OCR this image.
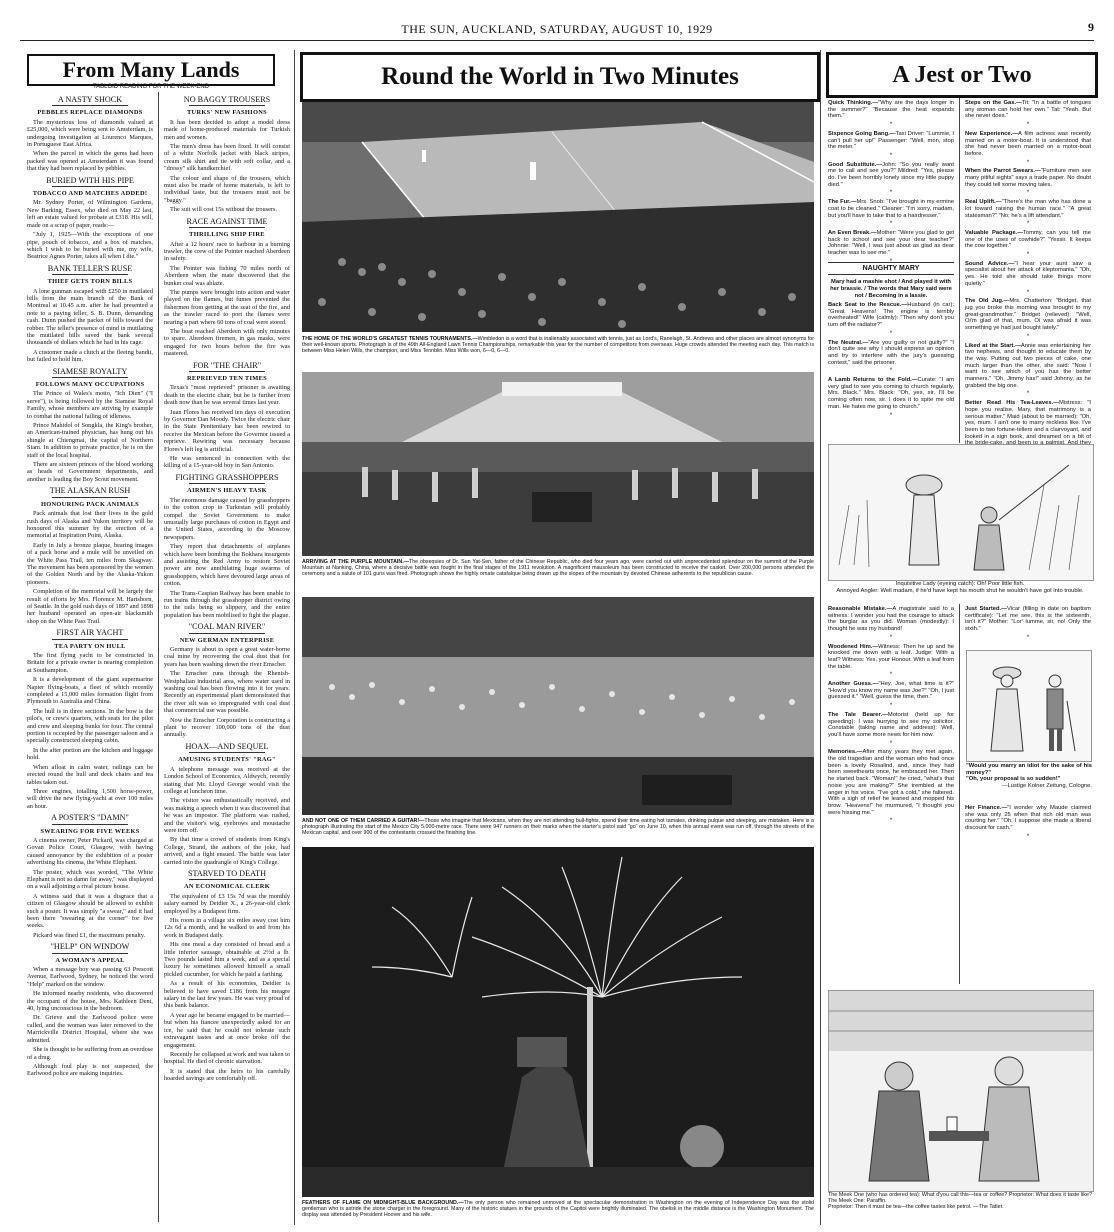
THE SUN, AUCKLAND, SATURDAY, AUGUST 10, 1929	9
From Many Lands
TABLOID READING FOR THE WEEK-END
A NASTY SHOCK
PEBBLES REPLACE DIAMONDS

The mysterious loss of diamonds valued at £25,000, which were being sent to Amsterdam, is undergoing investigation at Lourenco Marques, in Portuguese East Africa.

When the parcel in which the gems had been packed was opened at Amsterdam it was found that they had been replaced by pebbles.

BURIED WITH HIS PIPE
TOBACCO AND MATCHES ADDED!

Mr. Sydney Porter, of Wilmington Gardens, New Barking, Essex, who died on May 22 last, left an estate valued for probate at £318. His will, made on a scrap of paper, reads:—

"July 1, 1925—With the exceptions of one pipe, pouch of tobacco, and a box of matches, which I wish to be buried with me, my wife, Beatrice Agnes Porter, takes all when I die."

BANK TELLER'S RUSE
THIEF GETS TORN BILLS

A lone gunman escaped with £250 in mutilated bills from the main branch of the Bank of Montreal at 10.45 a.m. after he had presented a note to a paying teller, S. B. Dunn, demanding cash. Dunn pushed the packet of bills toward the robber. The teller's presence of mind in mutilating the mutilated bills saved the bank several thousands of dollars which he had in his cage.

A customer made a clutch at the fleeing bandit, but failed to hold him.

SIAMESE ROYALTY
FOLLOWS MANY OCCUPATIONS

The Prince of Wales's motto, "Ich Dien" ("I serve"), is being followed by the Siamese Royal Family, whose members are striving by example to combat the national failing of idleness.

Prince Mahidol of Songkla, the King's brother, an American-trained physician, has hung out his shingle at Chiengmai, the capital of Northern Siam. In addition to private practice, he is on the staff of the local hospital.

There are sixteen princes of the blood working as heads of Government departments, and another is leading the Boy Scout movement.

THE ALASKAN RUSH
HONOURING PACK ANIMALS

Pack animals that lost their lives in the gold rush days of Alaska and Yukon territory will be honoured this summer by the erection of a memorial at Inspiration Point, Alaska.

Early in July a bronze plaque, bearing images of a pack horse and a mule will be unveiled on the White Pass Trail, ten miles from Skagway. The movement has been sponsored by the women of the Golden North and by the Alaska-Yukon pioneers.

Completion of the memorial will be largely the result of efforts by Mrs. Florence M. Hartshorn, of Seattle. In the gold rush days of 1897 and 1898 her husband operated an open-air blacksmith shop on the White Pass Trail.

FIRST AIR YACHT
TEA PARTY ON HULL

The first flying yacht to be constructed in Britain for a private owner is nearing completion at Southampton.

It is a development of the giant supermarine Napier flying-boats, a fleet of which recently completed a 15,000 miles formation flight from Plymouth to Australia and China.

The hull is in three sections. In the bow is the pilot's, or crew's quarters, with seats for the pilot and crew and sleeping bunks for four. The central portion is occupied by the passenger saloon and a specially constructed sleeping cabin.

In the after portion are the kitchen and luggage hold.

When afloat in calm water, railings can be erected round the hull and deck chairs and tea tables taken out.

Three engines, totalling 1,500 horse-power, will drive the new flying-yacht at over 100 miles an hour.

A POSTER'S "DAMN"
SWEARING FOR FIVE WEEKS

A cinema owner, Peter Pickard, was charged at Govan Police Court, Glasgow, with having caused annoyance by the exhibition of a poster advertising his cinema, the White Elephant.

The poster, which was worded, "The White Elephant is not so damn far away," was displayed on a wall adjoining a rival picture house.

A witness said that it was a disgrace that a citizen of Glasgow should be allowed to exhibit such a poster. It was simply "a swear," and it had been there "swearing at the corner" for five weeks.

Pickard was fined £1, the maximum penalty.

"HELP" ON WINDOW
A WOMAN'S APPEAL

When a message boy was passing 63 Prescott Avenue, Earlwood, Sydney, he noticed the word "Help" marked on the window.

He informed nearby residents, who discovered the occupant of the house, Mrs. Kathleen Dent, 40, lying unconscious in the bedroom.

Dr. Grieve and the Earlwood police were called, and the woman was later removed to the Marrickville District Hospital, where she was admitted.

She is thought to be suffering from an overdose of a drug.

Although foul play is not suspected, the Earlwood police are making inquiries.

NO BAGGY TROUSERS
TURKS' NEW FASHIONS

It has been decided to adopt a model dress made of home-produced materials for Turkish men and women.

The men's dress has been fixed. It will consist of a white Norfolk jacket with black stripes, cream silk shirt and tie with soft collar, and a "dressy" silk handkerchief.

The colour and shape of the trousers, which must also be made of home materials, is left to individual taste, but the trousers must not be "baggy."

The suit will cost 15s without the trousers.

RACE AGAINST TIME
THRILLING SHIP FIRE

After a 12 hours' race to harbour in a burning trawler, the crew of the Pointer reached Aberdeen in safety.

The Pointer was fishing 70 miles north of Aberdeen when the mate discovered that the bunker coal was ablaze.

The pumps were brought into action and water played on the flames, but fumes prevented the fishermen from getting at the seat of the fire, and as the trawler raced to port the flames were nearing a part where 60 tons of coal were stored.

The boat reached Aberdeen with only minutes to spare. Aberdeen firemen, in gas masks, were engaged for two hours before the fire was mastered.

FOR "THE CHAIR"
REPRIEVED TEN TIMES

Texas's "most reprieved" prisoner is awaiting death in the electric chair, but he is further from death now than he was several times last year.

Juan Flores has received ten days of execution by Governor Dan Moody. Twice the electric chair in the State Penitentiary has been rewired to receive the Mexican before the Governor issued a reprieve. Rewiring was necessary because Flores's left leg is artificial.

He was sentenced in connection with the killing of a 15-year-old boy in San Antonio.

FIGHTING GRASSHOPPERS
AIRMEN'S HEAVY TASK

The enormous damage caused by grasshoppers to the cotton crop in Turkestan will probably compel the Soviet Government to make unusually large purchases of cotton in Egypt and the United States, according to the Moscow newspapers.

They report that detachments of airplanes which have been bombing the Bokhara insurgents and assisting the Red Army to restore Soviet power are now annihilating huge swarms of grasshoppers, which have devoured large areas of cotton.

The Trans-Caspian Railway has been unable to run trains through the grasshopper district owing to the rails being so slippery, and the entire population has been mobilised to fight the plague.

"COAL MAN RIVER"
NEW GERMAN ENTERPRISE

Germany is about to open a great water-borne coal mine by recovering the coal dust that for years has been washing down the river Emscher.

The Emscher runs through the Rhenish-Westphalian industrial area, where water used in washing coal has been flowing into it for years. Recently an experimental plant demonstrated that the river silt was so impregnated with coal dust that commercial use was possible.

Now the Emscher Corporation is constructing a plant to recover 100,000 tons of the dust annually.

HOAX—AND SEQUEL
AMUSING STUDENTS' "RAG"

A telephone message was received at the London School of Economics, Aldwych, recently stating that Mr. Lloyd George would visit the college at luncheon time.

The visitor was enthusiastically received, and was making a speech when it was discovered that he was an impostor. The platform was rushed, and the visitor's wig, eyebrows and moustache were torn off.

By that time a crowd of students from King's College, Strand, the authors of the joke, had arrived, and a fight ensued. The battle was later carried into the quadrangle of King's College.

STARVED TO DEATH
AN ECONOMICAL CLERK

The equivalent of £3 15s 7d was the monthly salary earned by Deidier X., a 26-year-old clerk employed by a Budapest firm.

His room in a village six miles away cost him 12s 6d a month, and he walked to and from his work in Budapest daily.

His one meal a day consisted of bread and a little inferior sausage, obtainable at 2½d a lb. Two pounds lasted him a week, and as a special luxury he sometimes allowed himself a small pickled cucumber, for which he paid a farthing.

As a result of his economies, Deidier is believed to have saved £186 from his meagre salary in the last few years. He was very proud of this bank balance.

A year ago he became engaged to be married—but when his fiancee unexpectedly asked for an ice, he said that he could not tolerate such extravagant tastes and at once broke off the engagement.

Recently he collapsed at work and was taken to hospital. He died of chronic starvation.

It is stated that the heirs to his carefully hoarded savings are comfortably off.

Round the World in Two Minutes
THE HOME OF THE WORLD'S GREATEST TENNIS TOURNAMENTS.—Wimbledon is a word that is inalienably associated with tennis, just as Lord's, Ranelagh, St. Andrews and other places are almost synonyms for their well-known sports. Photograph is of the 49th All-England Lawn Tennis Championships, remarkable this year for the number of competitors from overseas. Huge crowds attended the meeting each day. This match is between Miss Helen Wills, the champion, and Miss Tennblin. Miss Wills won, 6—0, 6—0.
ARRIVING AT THE PURPLE MOUNTAIN.—The obsequies of Dr. Sun Yat-Sen, father of the Chinese Republic, who died four years ago, were carried out with unprecedented splendour on the summit of the Purple Mountain at Nanking, China, where a decisive battle was fought in the final stages of the 1911 revolution. A magnificent mausoleum has been constructed to receive the casket. Over 200,000 persons attended the ceremony and a salute of 101 guns was fired. Photograph shows the highly ornate catafalque being drawn up the slopes of the mountain by devoted Chinese adherents to the republican cause.
AND NOT ONE OF THEM CARRIED A GUITAR!—Those who imagine that Mexicans, when they are not attending bull-fights, spend their time eating hot tamales, drinking pulque and sleeping, are mistaken. Here is a photograph illustrating the start of the Mexico City 5,000-metre race. There were 947 runners on their marks when the starter's pistol said "go" on June 10, when this annual event was run off, through the streets of the Mexican capital, and over 900 of the contestants crossed the finishing line.
FEATHERS OF FLAME ON MIDNIGHT-BLUE BACKGROUND.—The only person who remained unmoved at the spectacular demonstration in Washington on the evening of Independence Day was the stolid gentleman who is astride the stone charger in the foreground. Many of the historic statues in the grounds of the Capitol were brightly illuminated. The obelisk in the middle distance is the Washington Monument. The display was attended by President Hoover and his wife.
A Jest or Two

Quick Thinking.—"Why are the days longer in the summer?" "Because the heat expands them."

*

Sixpence Going Bang.—Taxi Driver: "Lummie, I can't pull her up!" Passenger: "Well, mon, stop the meter."

*

Good Substitute.—John: "So you really want me to call and see you?" Mildred: "Yes, please do. I've been horribly lonely since my little puppy died."

*

The Fur.—Mrs. Snob: "I've brought in my ermine coat to be cleaned." Cleaner: "I'm sorry, madam, but you'll have to take that to a hairdresser."

*

An Even Break.—Mother: "Were you glad to get back to school and see your dear teacher?" Johnnie: "Well, I was just about as glad as dear teacher was to see me."

*
NAUGHTY MARY
Mary had a mashie shot / And played it with her brassie. / The words that Mary said were not / Becoming in a lassie.

Back Seat to the Rescue.—Husband (in car): "Great Heavens! The engine is terribly overheated!" Wife (calmly): "Then why don't you turn off the radiator?"

*

The Neutral.—"Are you guilty or not guilty?" "I don't quite see why I should express an opinion and try to interfere with the jury's guessing contest," said the prisoner.

*

A Lamb Returns to the Fold.—Curate: "I am very glad to see you coming to church regularly, Mrs. Black." Mrs. Black: "Oh, yes, sir. I'll be coming often now, sir. I does it to spite me old man. He hates me going to church."

*

Steps on the Gas.—Tit: "In a battle of tongues any woman can hold her own." Tat: "Yeah. But she never does."

*

New Experience.—A film actress was recently married on a motor-boat. It is understood that she had never been married on a motor-boat before.

*

When the Parrot Swears.—"Furniture men see many pitiful sights" says a trade paper. No doubt they could tell some moving tales.

*

Real Uplift.—"There's the man who has done a lot toward raising the human race." "A great statesman?" "No; he's a lift attendant."

*

Valuable Package.—Tommy, can you tell me one of the uses of cowhide?" "Yessir. It keeps the cow together."

*

Sound Advice.—"I hear your aunt saw a specialist about her attack of kleptomania." "Oh, yes. He told she should take things more quietly."

*

The Old Jug.—Mrs. Chatterton: "Bridget, that jug you broke this morning was brought to my great-grandmother." Bridget (relieved): "Well, Oi'm glad of that, mum. Oi was afraid it was something ye had just bought lately."

*

Liked at the Start.—Annie was entertaining her two nephews, and thought to educate them by the way. Putting out two pieces of cake, one much larger than the other, she said: "Now I want to see which of you has the better manners." "Oh, Jimmy has!" said Johnny, as he grabbed the big one.

*

Better Read His Tea-Leaves.—Mistress: "I hope you realise, Mary, that matrimony is a serious matter." Maid (about to be married): "Oh, yes, mum. I ain't one to marry reckless like. I've been to two fortune-tellers and a clairvoyant, and looked in a sign book, and dreamed on a bit of

Inquisitive Lady (eyeing catch): Oh! Poor little fish.
Annoyed Angler: Well madam, if he'd have kept his mouth shut he wouldn't have got into trouble.

Reasonable Mistake.—A magistrate said to a witness: I wonder you had the courage to attack the burglar as you did. Woman (modestly): I thought he was my husband!

*

Woodened Him.—Witness: Then he up and he knocked me down with a leaf. Judge: With a leaf? Witness: Yes, your Honour. With a leaf from the table.

*

Another Guess.—"Hey, Joe, what time is it?" "How'd you know my name was Joe?" "Oh, I just guessed it." "Well, guess the time, then."

*

The Tale Bearer.—Motorist (held up for speeding): I was hurrying to see my solicitor. Constable (taking name and address): Well, you'll have some more news for him now.

*

Memories.—After many years they met again, the old tragedian and the woman who had once been a lovely Rosalind, and, since they had been sweethearts once, he embraced her. Then he started back. "Woman!" he cried, "what's that noise you are making?" She trembled at the anger in his voice. "I've got a cold," she faltered. With a sigh of relief he leaned and mopped his brow. "Heavens!" he murmured, "I thought you were hissing me."

*

Just Started.—Vicar (filling in date on baptism certificate): "Let me see, this is the sixteenth, isn't it?" Mother: "Lor' lumme, sir, no! Only the sixth."

*
"Would you marry an idiot for the sake of his money?"
"Oh, your proposal is so sudden!"
—Lustige Kolner Zeitung, Cologne.

Her Finance.—"I wonder why Maude claimed she was only 25 when that rich old man was courting her." "Oh, I suppose she made a liberal discount for cash."

*
The Meek One (who has ordered tea): What d'you call this—tea or coffee? Proprietor: What does it taste like? The Meek One: Paraffin.
Proprietor: Then it must be tea—the coffee tastes like petrol. —The Tatler.
